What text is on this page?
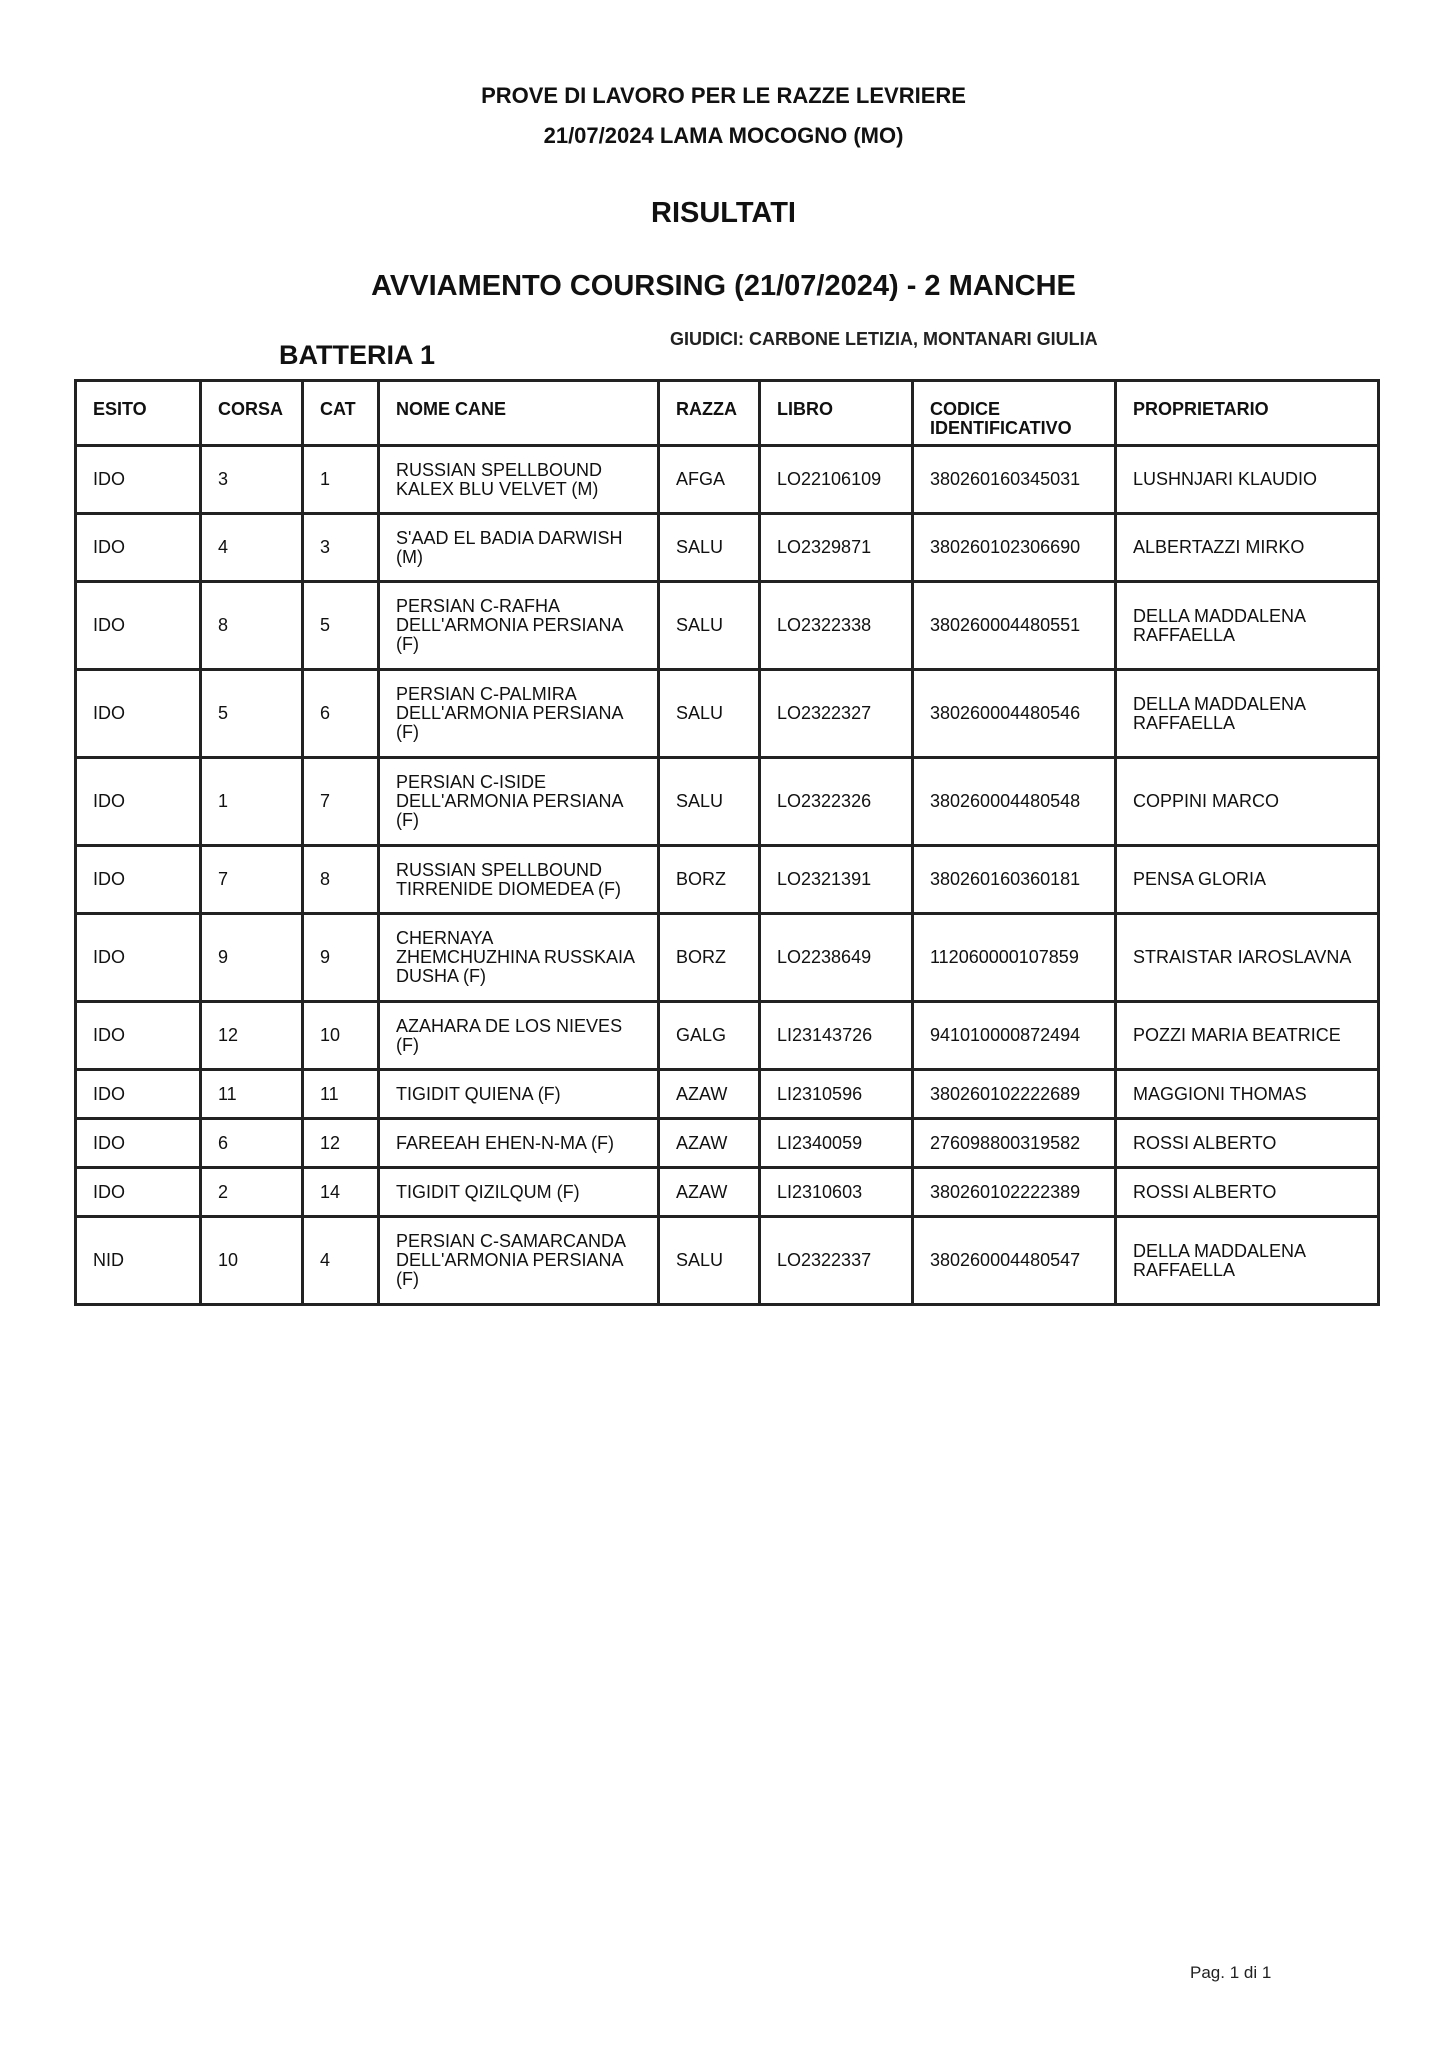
PROVE DI LAVORO PER LE RAZZE LEVRIERE
21/07/2024 LAMA MOCOGNO (MO)
RISULTATI
AVVIAMENTO COURSING (21/07/2024) - 2 MANCHE
BATTERIA 1
GIUDICI: CARBONE LETIZIA, MONTANARI GIULIA
ESITO	CORSA	CAT	NOME CANE	RAZZA	LIBRO	CODICE IDENTIFICATIVO	PROPRIETARIO
IDO	3	1	RUSSIAN SPELLBOUND KALEX BLU VELVET (M)	AFGA	LO22106109	380260160345031	LUSHNJARI KLAUDIO
IDO	4	3	S'AAD EL BADIA DARWISH (M)	SALU	LO2329871	380260102306690	ALBERTAZZI MIRKO
IDO	8	5	PERSIAN C-RAFHA DELL'ARMONIA PERSIANA (F)	SALU	LO2322338	380260004480551	DELLA MADDALENA RAFFAELLA
IDO	5	6	PERSIAN C-PALMIRA DELL'ARMONIA PERSIANA (F)	SALU	LO2322327	380260004480546	DELLA MADDALENA RAFFAELLA
IDO	1	7	PERSIAN C-ISIDE DELL'ARMONIA PERSIANA (F)	SALU	LO2322326	380260004480548	COPPINI MARCO
IDO	7	8	RUSSIAN SPELLBOUND TIRRENIDE DIOMEDEA (F)	BORZ	LO2321391	380260160360181	PENSA GLORIA
IDO	9	9	CHERNAYA ZHEMCHUZHINA RUSSKAIA DUSHA (F)	BORZ	LO2238649	112060000107859	STRAISTAR IAROSLAVNA
IDO	12	10	AZAHARA DE LOS NIEVES (F)	GALG	LI23143726	941010000872494	POZZI MARIA BEATRICE
IDO	11	11	TIGIDIT QUIENA (F)	AZAW	LI2310596	380260102222689	MAGGIONI THOMAS
IDO	6	12	FAREEAH EHEN-N-MA (F)	AZAW	LI2340059	276098800319582	ROSSI ALBERTO
IDO	2	14	TIGIDIT QIZILQUM (F)	AZAW	LI2310603	380260102222389	ROSSI ALBERTO
NID	10	4	PERSIAN C-SAMARCANDA DELL'ARMONIA PERSIANA (F)	SALU	LO2322337	380260004480547	DELLA MADDALENA RAFFAELLA
Pag. 1 di 1
